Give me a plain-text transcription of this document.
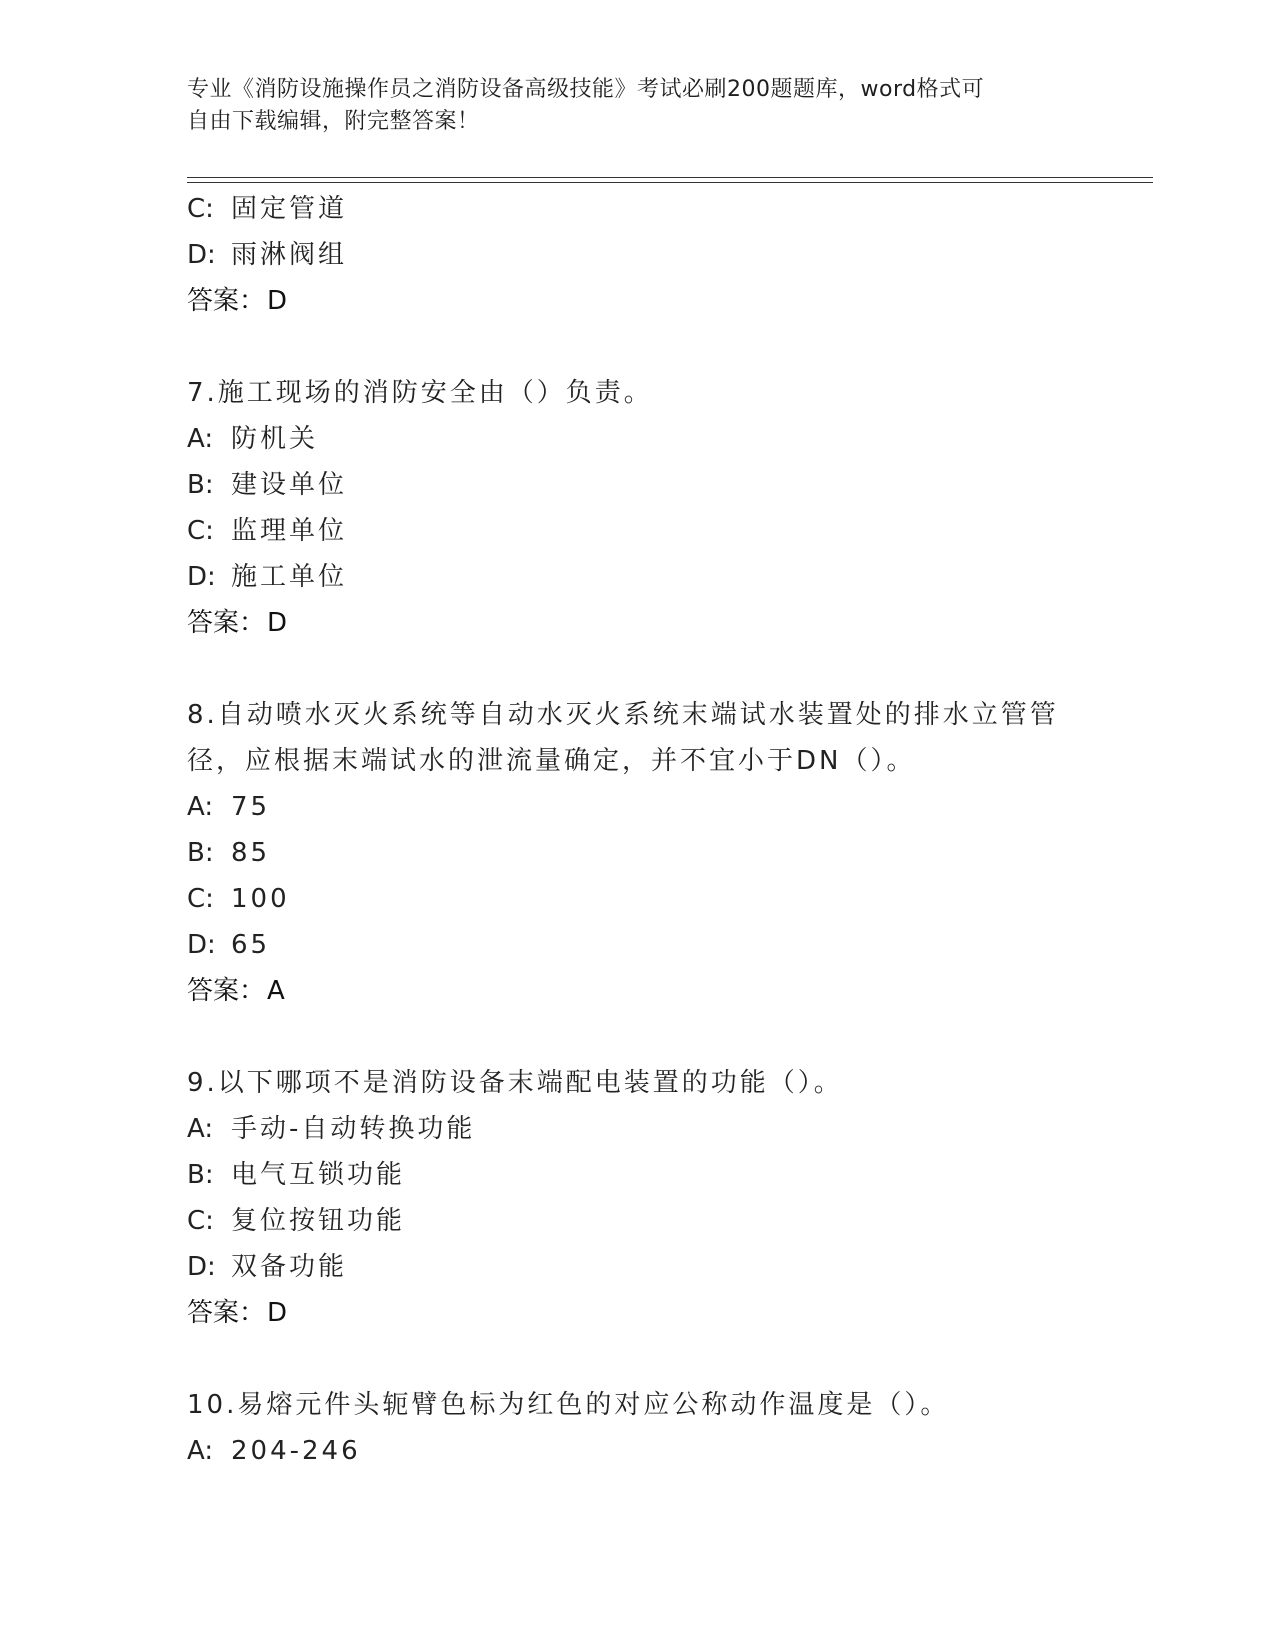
专业《消防设施操作员之消防设备高级技能》考试必刷200题题库，word格式可
自由下载编辑，附完整答案！
C: 固定管道
D: 雨淋阀组
答案：D
7.施工现场的消防安全由（）负责。
A: 防机关
B: 建设单位
C: 监理单位
D: 施工单位
答案：D
8.自动喷水灭火系统等自动水灭火系统末端试水装置处的排水立管管
径，应根据末端试水的泄流量确定，并不宜小于DN（）。
A: 75
B: 85
C: 100
D: 65
答案：A
9.以下哪项不是消防设备末端配电装置的功能（）。
A: 手动-自动转换功能
B: 电气互锁功能
C: 复位按钮功能
D: 双备功能
答案：D
10.易熔元件头轭臂色标为红色的对应公称动作温度是（）。
A: 204-246
